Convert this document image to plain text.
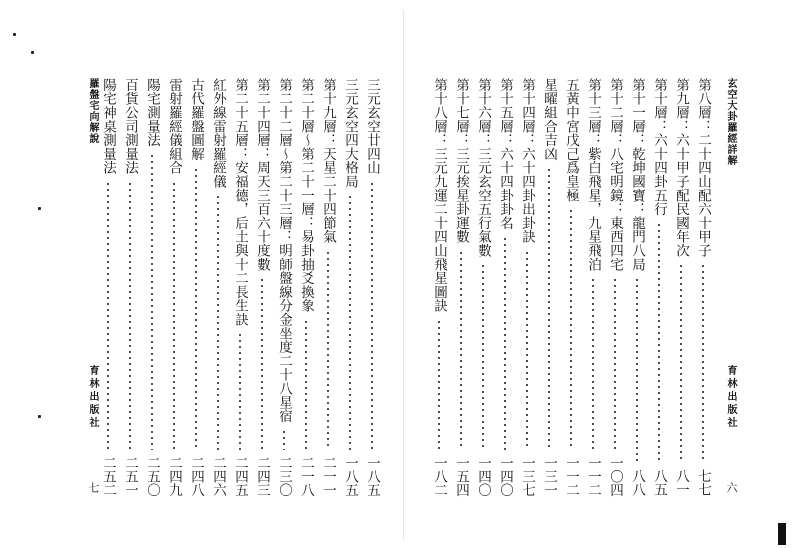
羅盤宅向解說
育林出版社
七
三元玄空廿四山
一八五
三元玄空四大格局
一八五
第十九層：天星二十四節氣
二一一
第二十層～第二十一層：易卦抽爻換象
二一八
第二十二層～第二十三層：明師盤線分金坐度二十八星宿
二三〇
第二十四層：周天三百六十度數
二四三
第二十五層：安福德，后土與十二長生訣
二四五
紅外線雷射羅經儀
二四六
古代羅盤圖解
二四八
雷射羅經儀組合
二四九
陽宅測量法
二五〇
百貨公司測量法
二五一
陽宅神桌測量法
二五二
玄空大卦羅經詳解
育林出版社
六
第八層：二十四山配六十甲子
七七
第九層：六十甲子配民國年次
八一
第十層：六十四卦五行
八五
第十一層：乾坤國寶：龍門八局
八八
第十二層：八宅明鏡：東西四宅
一〇四
第十三層：紫白飛星，九星飛泊
一一二
五黃中宮戊己爲皇極
一一二
星曜組合吉凶
一三一
第十四層：六十四卦出卦訣
一三七
第十五層：六十四卦卦名
一四〇
第十六層：三元玄空五行氣數
一四〇
第十七層：三元挨星卦運數
一五四
第十八層：三元九運二十四山飛星圖訣
一八二
